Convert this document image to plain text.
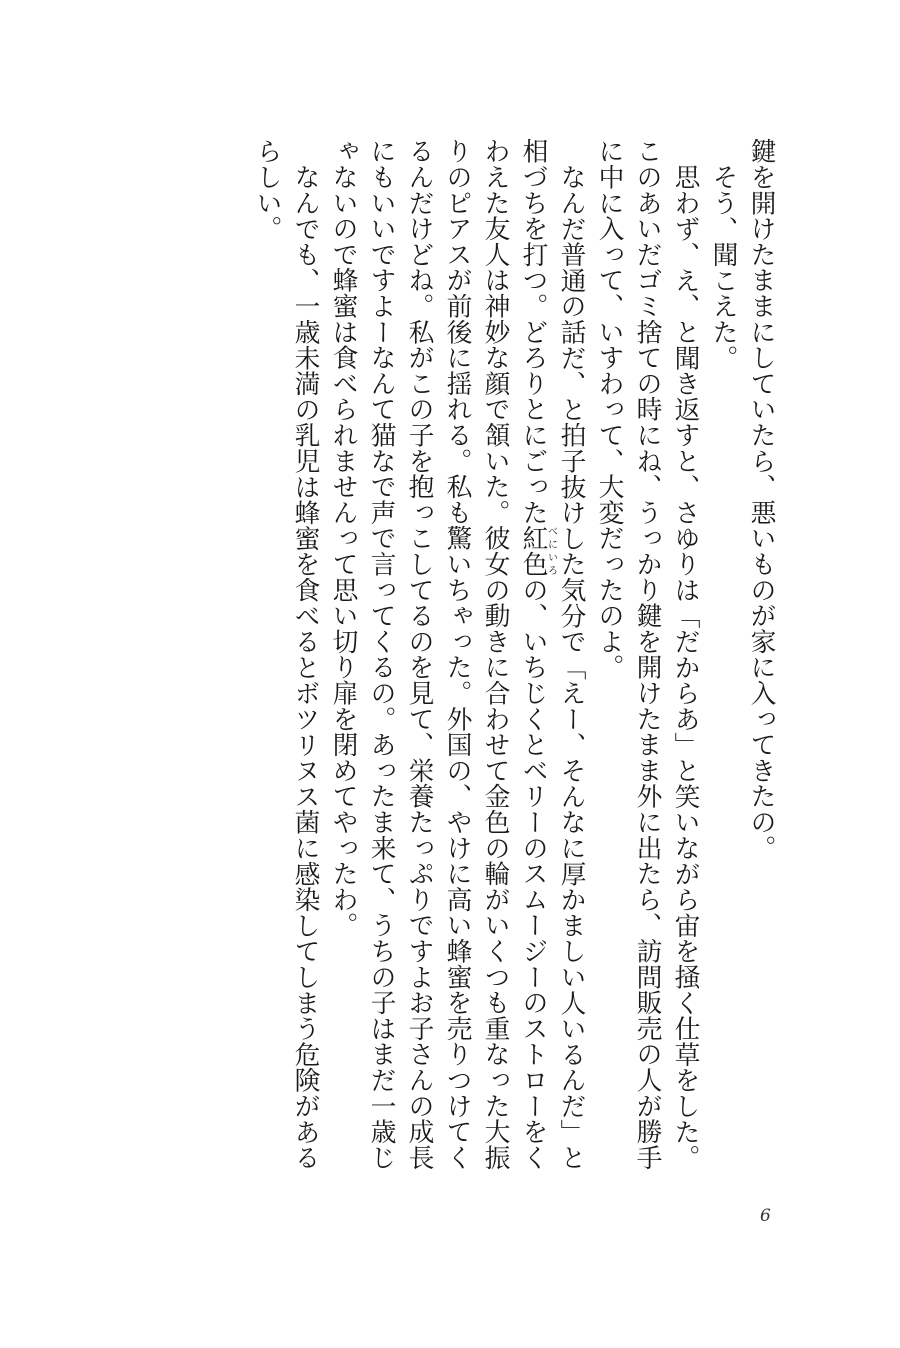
鍵を開けたままにしていたら、悪いものが家に入ってきたの。

そう、聞こえた。

思わず、え、と聞き返すと、さゆりは「だからあ」と笑いながら宙を掻く仕草をした。このあいだゴミ捨ての時にね、うっかり鍵を開けたまま外に出たら、訪問販売の人が勝手に中に入って、いすわって、大変だったのよ。

なんだ普通の話だ、と拍子抜けした気分で「えー、そんなに厚かましい人いるんだ」と相づちを打つ。どろりとにごった紅色べにいろの、いちじくとベリーのスムージーのストローをくわえた友人は神妙な顔で頷いた。彼女の動きに合わせて金色の輪がいくつも重なった大振りのピアスが前後に揺れる。私も驚いちゃった。外国の、やけに高い蜂蜜を売りつけてくるんだけどね。私がこの子を抱っこしてるのを見て、栄養たっぷりですよお子さんの成長にもいいですよーなんて猫なで声で言ってくるの。あったま来て、うちの子はまだ一歳じゃないので蜂蜜は食べられませんって思い切り扉を閉めてやったわ。

なんでも、一歳未満の乳児は蜂蜜を食べるとボツリヌス菌に感染してしまう危険があるらしい。

6
